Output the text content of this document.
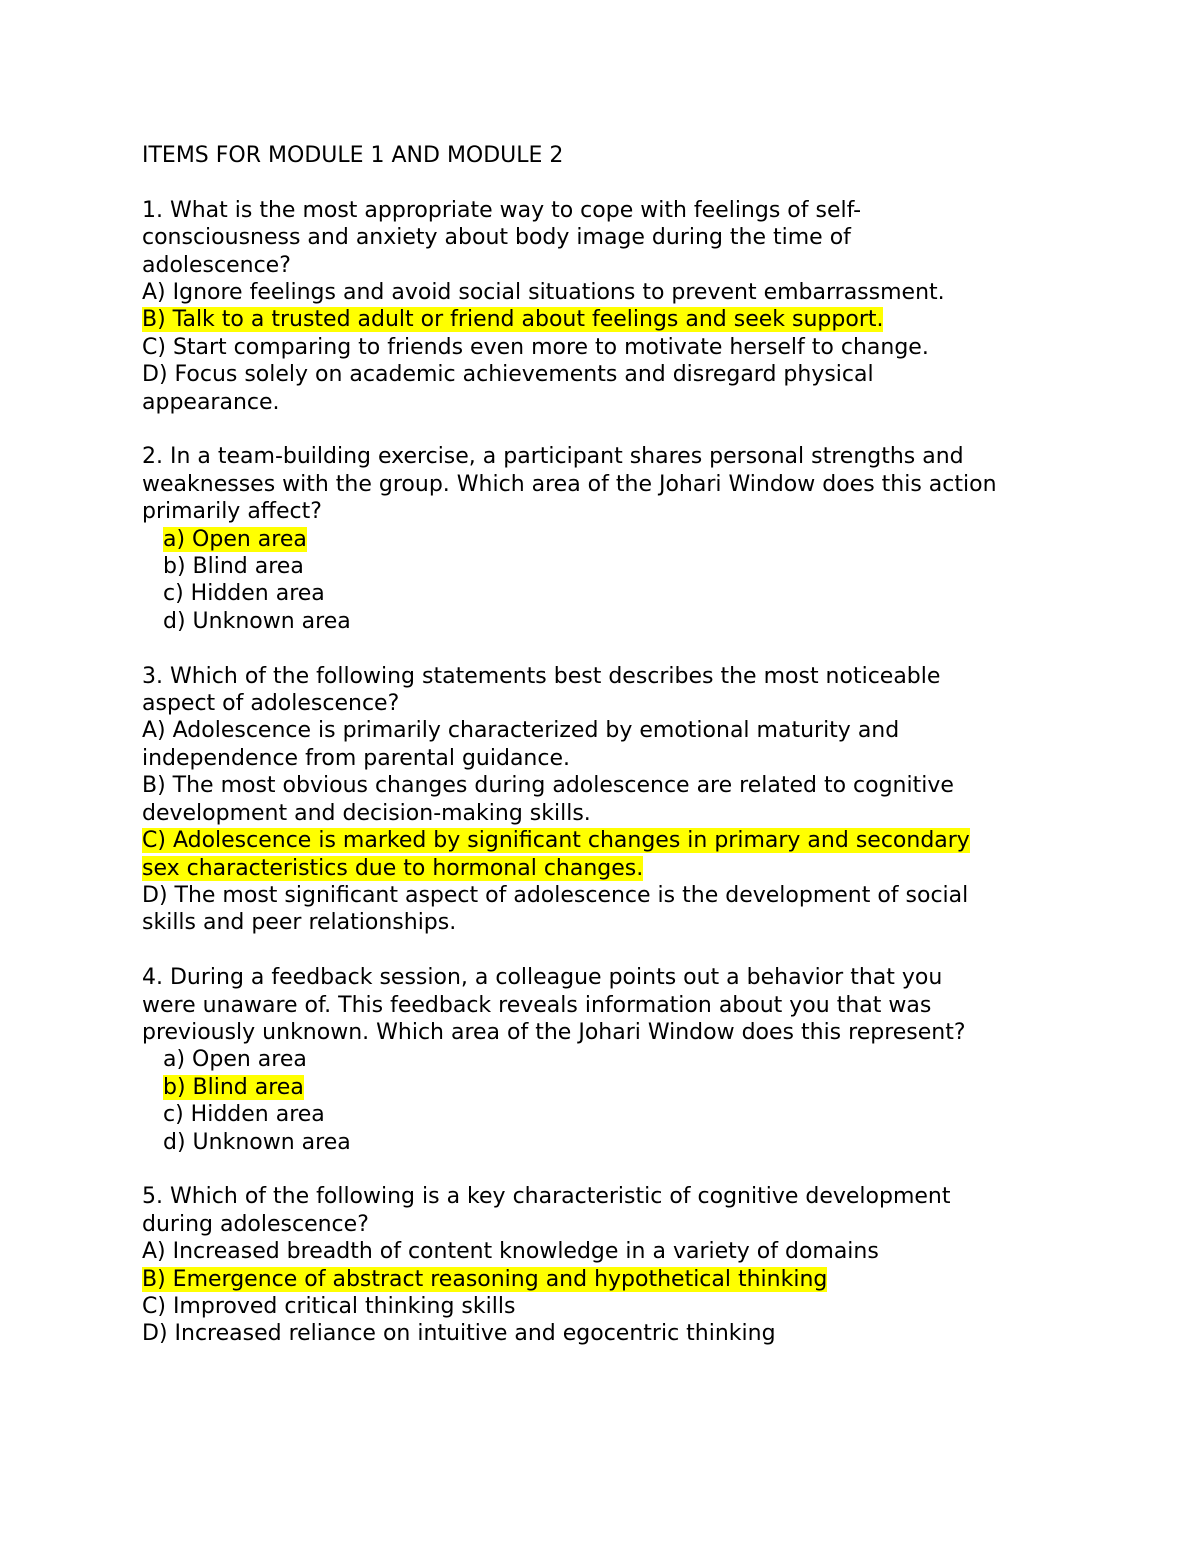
ITEMS FOR MODULE 1 AND MODULE 2
1. What is the most appropriate way to cope with feelings of self-
consciousness and anxiety about body image during the time of
adolescence?
A) Ignore feelings and avoid social situations to prevent embarrassment.
B) Talk to a trusted adult or friend about feelings and seek support.
C) Start comparing to friends even more to motivate herself to change.
D) Focus solely on academic achievements and disregard physical
appearance.
2. In a team-building exercise, a participant shares personal strengths and
weaknesses with the group. Which area of the Johari Window does this action
primarily affect?
a) Open area
b) Blind area
c) Hidden area
d) Unknown area
3. Which of the following statements best describes the most noticeable
aspect of adolescence?
A) Adolescence is primarily characterized by emotional maturity and
independence from parental guidance.
B) The most obvious changes during adolescence are related to cognitive
development and decision-making skills.
C) Adolescence is marked by significant changes in primary and secondary
sex characteristics due to hormonal changes.
D) The most significant aspect of adolescence is the development of social
skills and peer relationships.
4. During a feedback session, a colleague points out a behavior that you
were unaware of. This feedback reveals information about you that was
previously unknown. Which area of the Johari Window does this represent?
a) Open area
b) Blind area
c) Hidden area
d) Unknown area
5. Which of the following is a key characteristic of cognitive development
during adolescence?
A) Increased breadth of content knowledge in a variety of domains
B) Emergence of abstract reasoning and hypothetical thinking
C) Improved critical thinking skills
D) Increased reliance on intuitive and egocentric thinking
